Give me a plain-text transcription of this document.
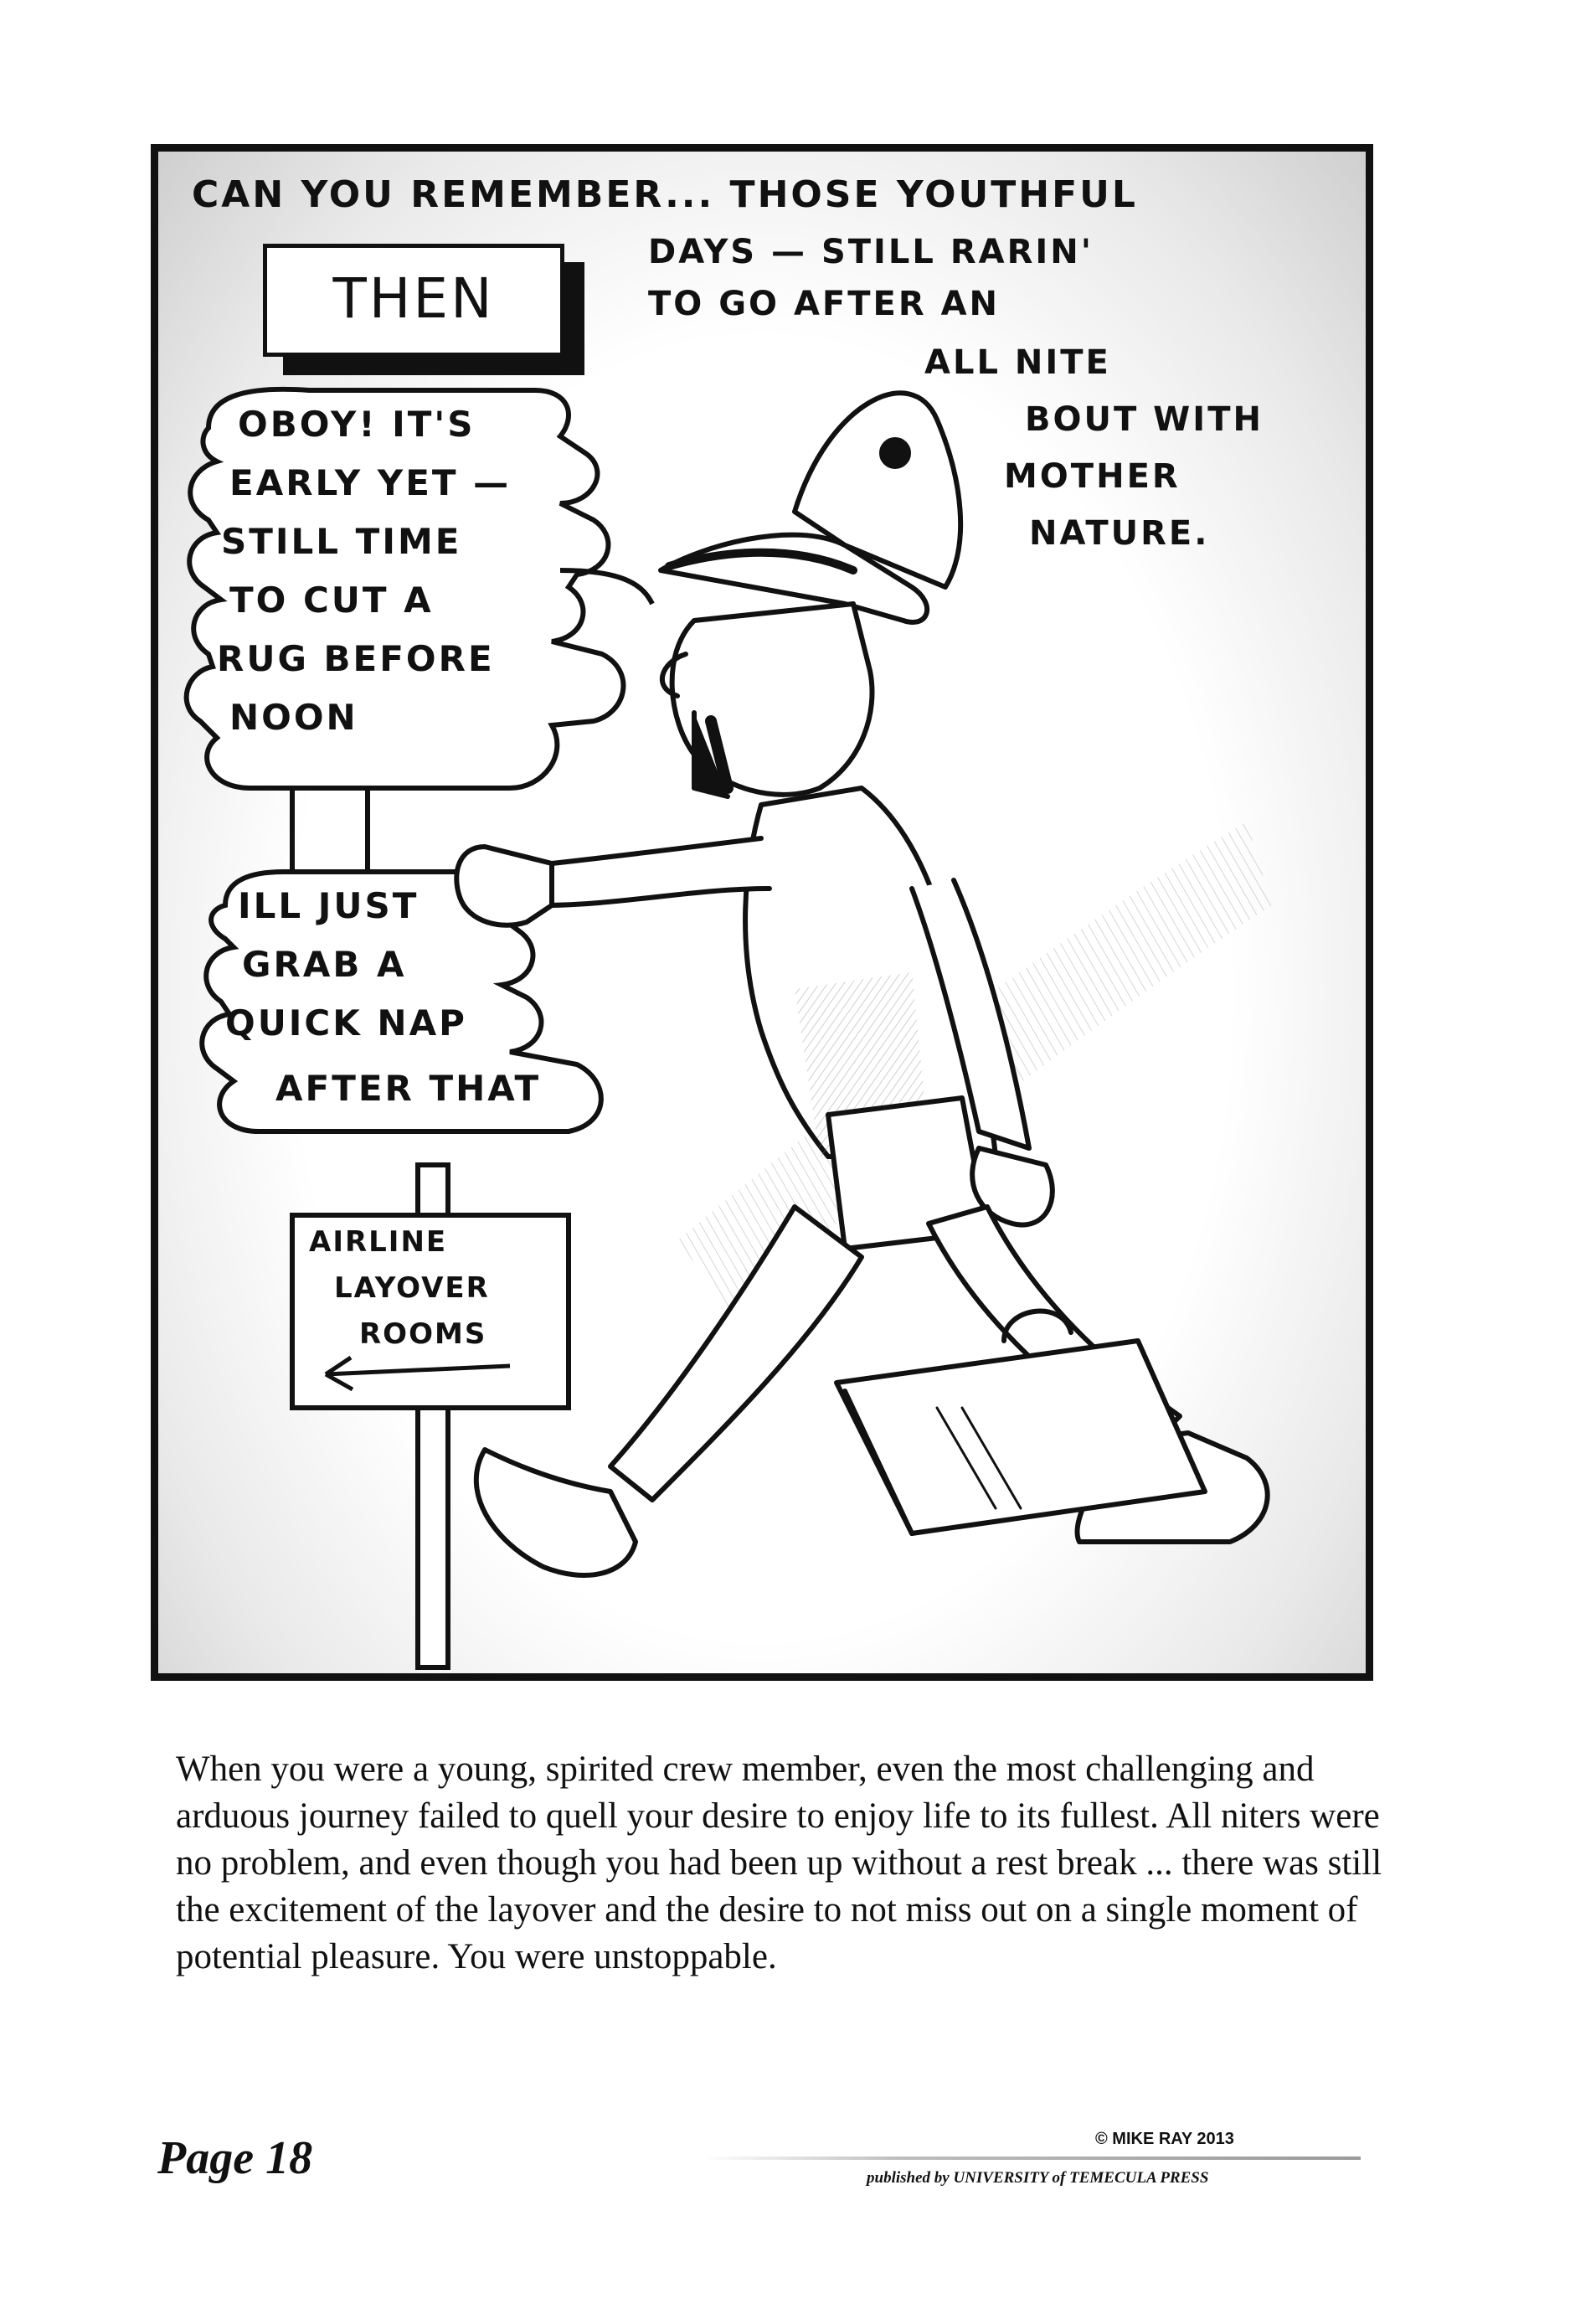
CAN YOU REMEMBER... THOSE YOUTHFUL
DAYS — STILL RARIN'
TO GO AFTER AN
ALL NITE
BOUT WITH
MOTHER
NATURE.
THEN
OBOY! IT'S
EARLY YET —
STILL TIME
TO CUT A
RUG BEFORE
NOON
ILL JUST
GRAB A
QUICK NAP
AFTER THAT
AIRLINE
LAYOVER
ROOMS

When you were a young, spirited crew member, even the most challenging and arduous journey failed to quell your desire to enjoy life to its fullest. All niters were no problem, and even though you had been up without a rest break ... there was still the excitement of the layover and the desire to not miss out on a single moment of potential pleasure. You were unstoppable.

Page 18	© MIKE RAY 2013
published by UNIVERSITY of TEMECULA PRESS
